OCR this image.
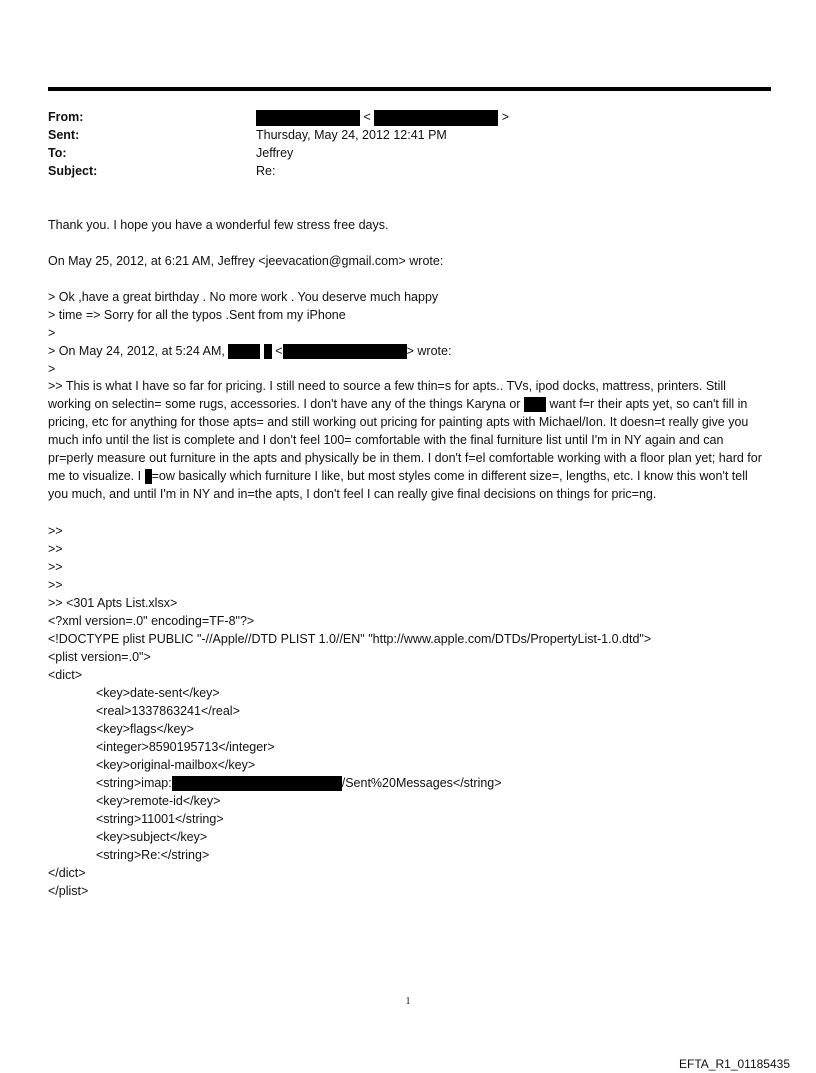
From:	<	>
Sent:	Thursday, May 24, 2012 12:41 PM
To:	Jeffrey
Subject:	Re:
Thank you. I hope you have a wonderful few stress free days.
On May 25, 2012, at 6:21 AM, Jeffrey <jeevacation@gmail.com> wrote:
> Ok ,have a great birthday . No more work . You deserve much happy
> time => Sorry for all the typos .Sent from my iPhone
>
> On May 24, 2012, at 5:24 AM,	<	> wrote:
>
>> This is what I have so far for pricing. I still need to source a few thin=s for apts.. TVs, ipod docks, mattress, printers. Still working on selectin= some rugs, accessories. I don't have any of the things Karyna or want f=r their apts yet, so can't fill in pricing, etc for anything for those apts= and still working out pricing for painting apts with Michael/Ion. It doesn=t really give you much info until the list is complete and I don't feel 100= comfortable with the final furniture list until I'm in NY again and can pr=perly measure out furniture in the apts and physically be in them. I don't f=el comfortable working with a floor plan yet; hard for me to visualize. I =ow basically which furniture I like, but most styles come in different size=, lengths, etc. I know this won't tell you much, and until I'm in NY and in=the apts, I don't feel I can really give final decisions on things for pric=ng.
>>
>>
>>
>>
>> <301 Apts List.xlsx>
<?xml version=.0" encoding=TF-8"?>
<!DOCTYPE plist PUBLIC "-//Apple//DTD PLIST 1.0//EN" "http://www.apple.com/DTDs/PropertyList-1.0.dtd">
<plist version=.0">
<dict>
<key>date-sent</key>
<real>1337863241</real>
<key>flags</key>
<integer>8590195713</integer>
<key>original-mailbox</key>
<string>imap:	/Sent%20Messages</string>
<key>remote-id</key>
<string>11001</string>
<key>subject</key>
<string>Re:</string>
</dict>
</plist>
1
EFTA_R1_01185435
